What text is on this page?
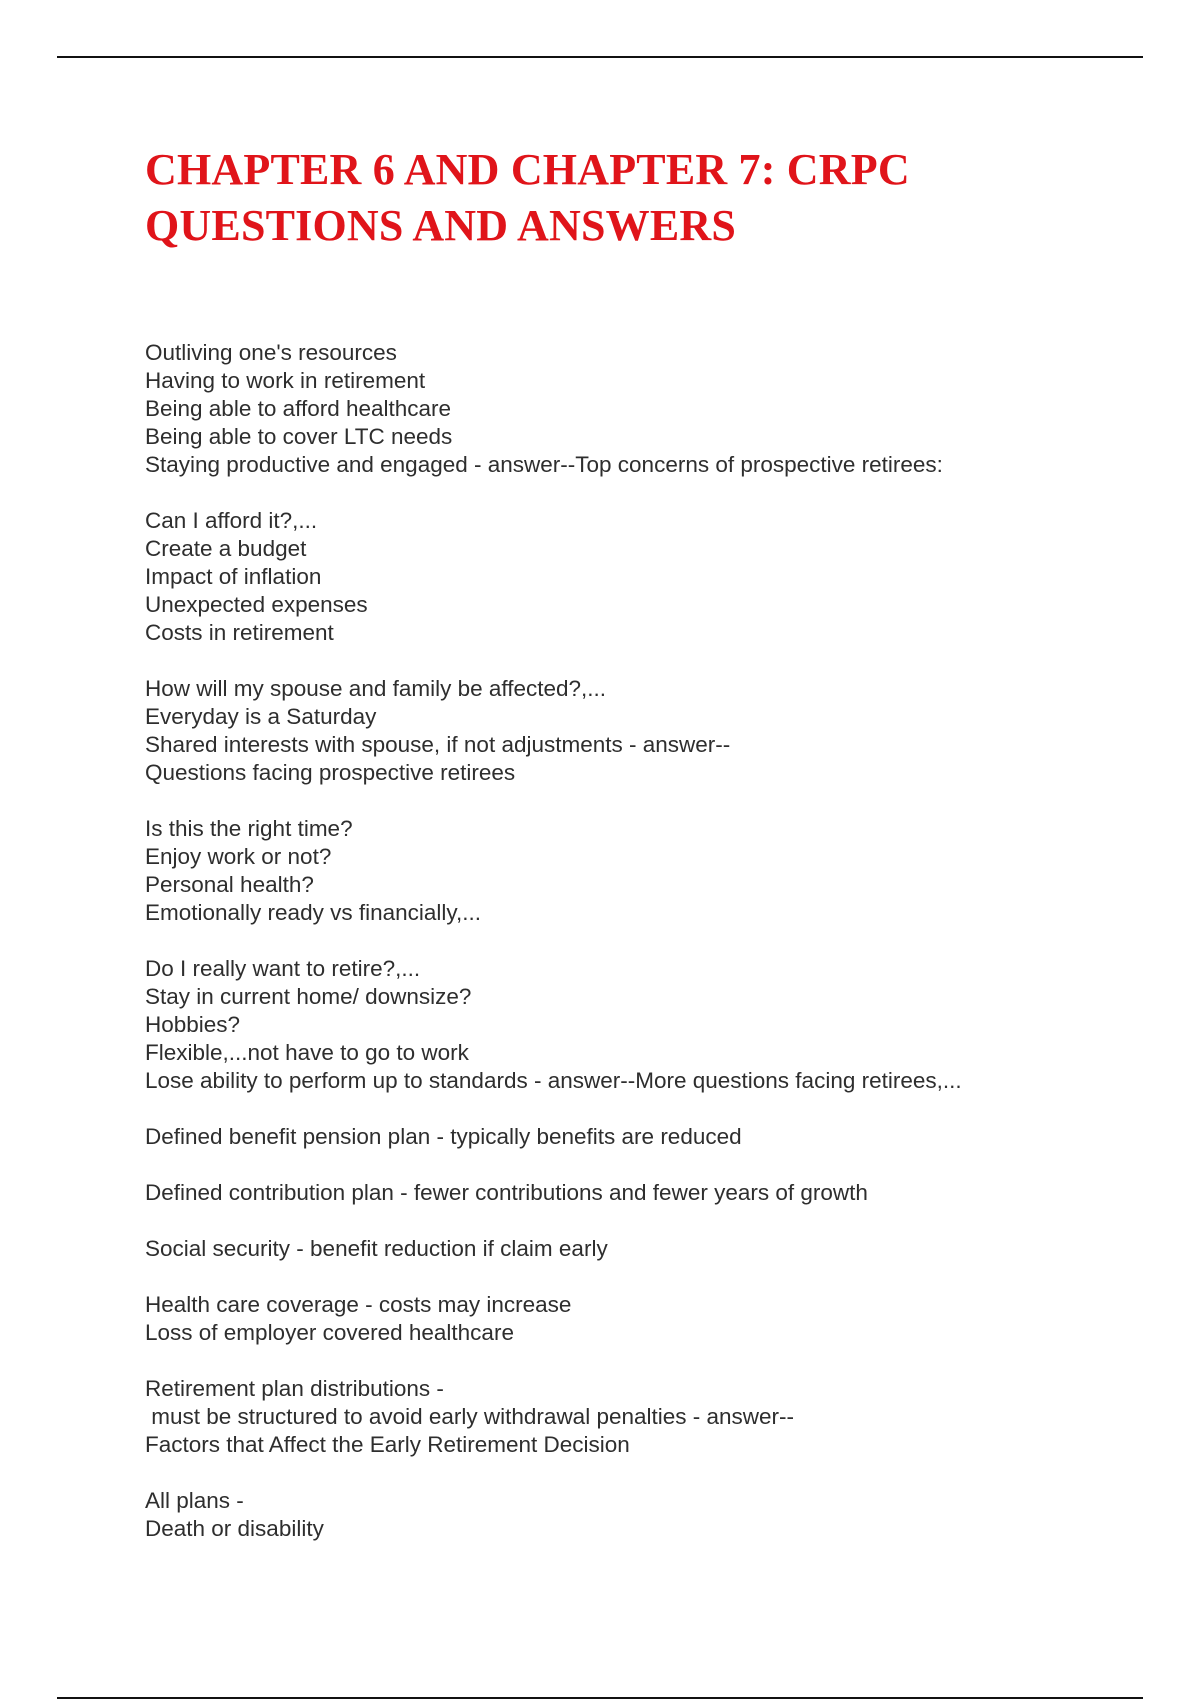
CHAPTER 6 AND CHAPTER 7: CRPC
QUESTIONS AND ANSWERS
Outliving one's resources
Having to work in retirement
Being able to afford healthcare
Being able to cover LTC needs
Staying productive and engaged - answer--Top concerns of prospective retirees:
Can I afford it?,...
Create a budget
Impact of inflation
Unexpected expenses
Costs in retirement
How will my spouse and family be affected?,...
Everyday is a Saturday
Shared interests with spouse, if not adjustments - answer--
Questions facing prospective retirees
Is this the right time?
Enjoy work or not?
Personal health?
Emotionally ready vs financially,...
Do I really want to retire?,...
Stay in current home/ downsize?
Hobbies?
Flexible,...not have to go to work
Lose ability to perform up to standards - answer--More questions facing retirees,...
Defined benefit pension plan - typically benefits are reduced
Defined contribution plan - fewer contributions and fewer years of growth
Social security - benefit reduction if claim early
Health care coverage - costs may increase
Loss of employer covered healthcare
Retirement plan distributions -
must be structured to avoid early withdrawal penalties - answer--
Factors that Affect the Early Retirement Decision
All plans -
Death or disability
